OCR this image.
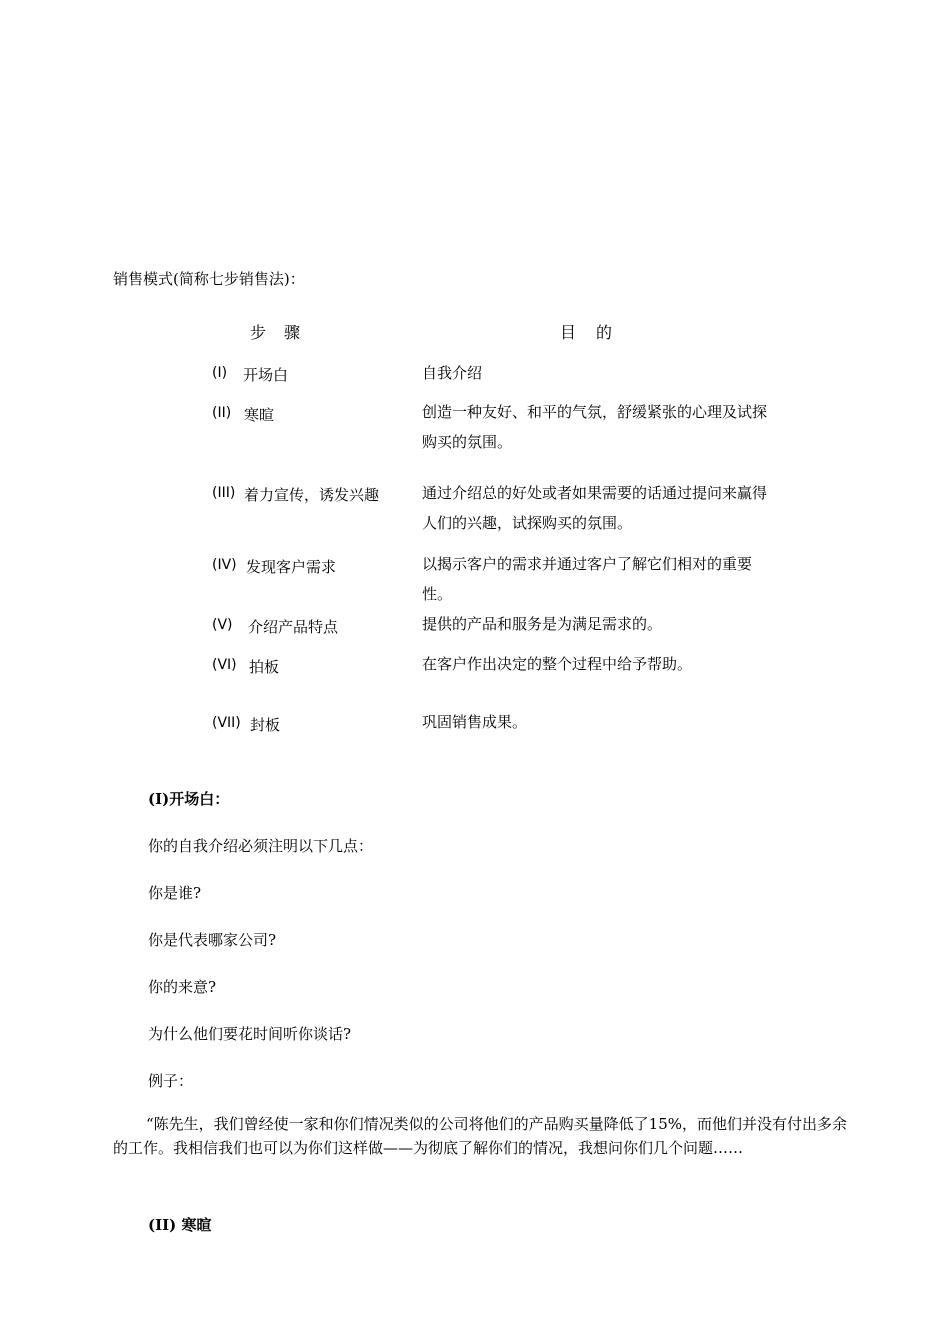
销售模式(简称七步销售法)：
步骤	目的
(I) 开场白	自我介绍
(II) 寒暄	创造一种友好、和平的气氛，舒缓紧张的心理及试探购买的氛围。
(III) 着力宣传，诱发兴趣	通过介绍总的好处或者如果需要的话通过提问来赢得人们的兴趣，试探购买的氛围。
(IV) 发现客户需求	以揭示客户的需求并通过客户了解它们相对的重要性。
(V) 介绍产品特点	提供的产品和服务是为满足需求的。
(VI) 拍板	在客户作出决定的整个过程中给予帮助。
(VII) 封板	巩固销售成果。
(I)开场白：
你的自我介绍必须注明以下几点：
你是谁?
你是代表哪家公司?
你的来意?
为什么他们要花时间听你谈话?
例子：
“陈先生，我们曾经使一家和你们情况类似的公司将他们的产品购买量降低了15%，而他们并没有付出多余的工作。我相信我们也可以为你们这样做——为彻底了解你们的情况，我想问你们几个问题……
(II) 寒暄
